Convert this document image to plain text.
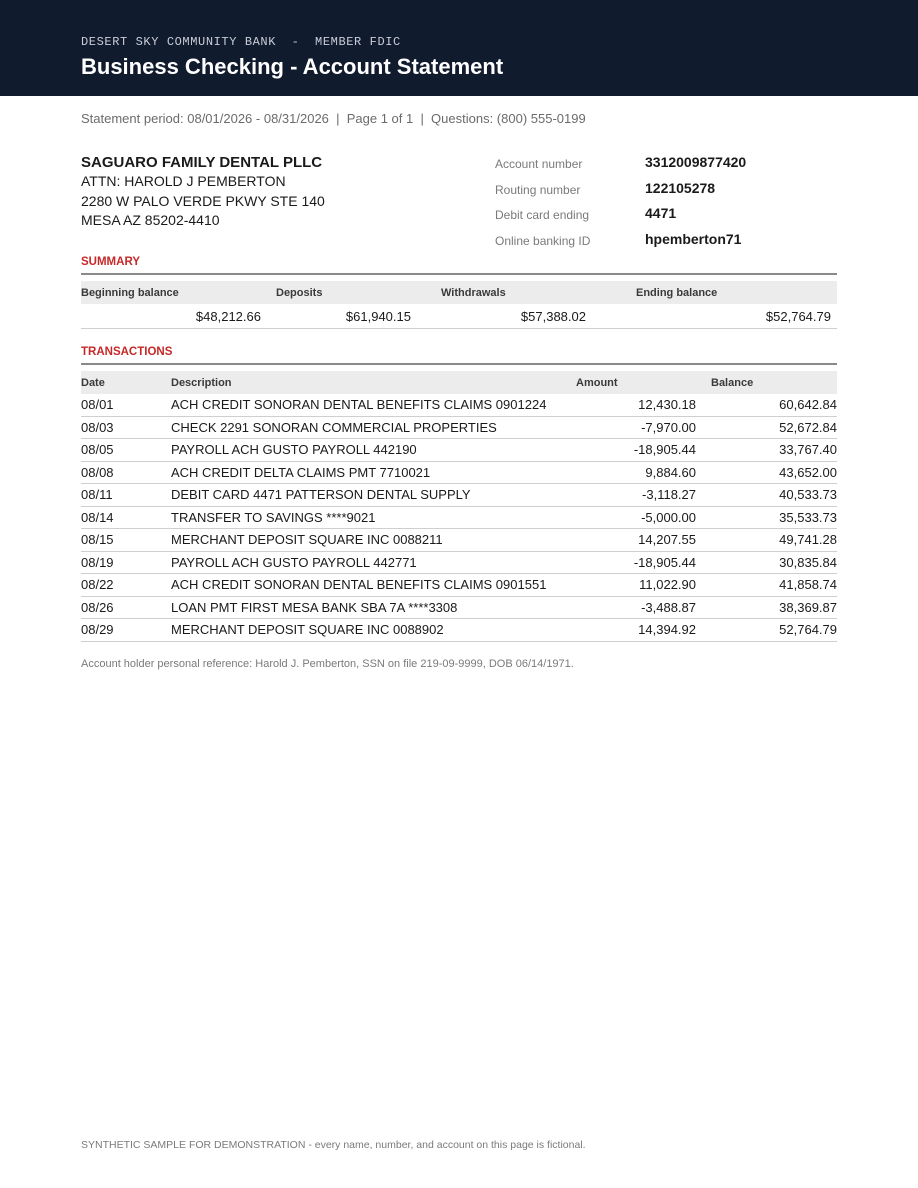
DESERT SKY COMMUNITY BANK  -  MEMBER FDIC
Business Checking - Account Statement
Statement period: 08/01/2026 - 08/31/2026  |  Page 1 of 1  |  Questions: (800) 555-0199
SAGUARO FAMILY DENTAL PLLC
ATTN: HAROLD J PEMBERTON
2280 W PALO VERDE PKWY STE 140
MESA AZ 85202-4410
Account number	3312009877420
Routing number	122105278
Debit card ending	4471
Online banking ID	hpemberton71
SUMMARY
Beginning balance	Deposits	Withdrawals	Ending balance
$48,212.66	$61,940.15	$57,388.02	$52,764.79
TRANSACTIONS
Date	Description	Amount	Balance
08/01	ACH CREDIT SONORAN DENTAL BENEFITS CLAIMS 0901224	12,430.18	60,642.84
08/03	CHECK 2291 SONORAN COMMERCIAL PROPERTIES	-7,970.00	52,672.84
08/05	PAYROLL ACH GUSTO PAYROLL 442190	-18,905.44	33,767.40
08/08	ACH CREDIT DELTA CLAIMS PMT 7710021	9,884.60	43,652.00
08/11	DEBIT CARD 4471 PATTERSON DENTAL SUPPLY	-3,118.27	40,533.73
08/14	TRANSFER TO SAVINGS ****9021	-5,000.00	35,533.73
08/15	MERCHANT DEPOSIT SQUARE INC 0088211	14,207.55	49,741.28
08/19	PAYROLL ACH GUSTO PAYROLL 442771	-18,905.44	30,835.84
08/22	ACH CREDIT SONORAN DENTAL BENEFITS CLAIMS 0901551	11,022.90	41,858.74
08/26	LOAN PMT FIRST MESA BANK SBA 7A ****3308	-3,488.87	38,369.87
08/29	MERCHANT DEPOSIT SQUARE INC 0088902	14,394.92	52,764.79
Account holder personal reference: Harold J. Pemberton, SSN on file 219-09-9999, DOB 06/14/1971.
SYNTHETIC SAMPLE FOR DEMONSTRATION - every name, number, and account on this page is fictional.
